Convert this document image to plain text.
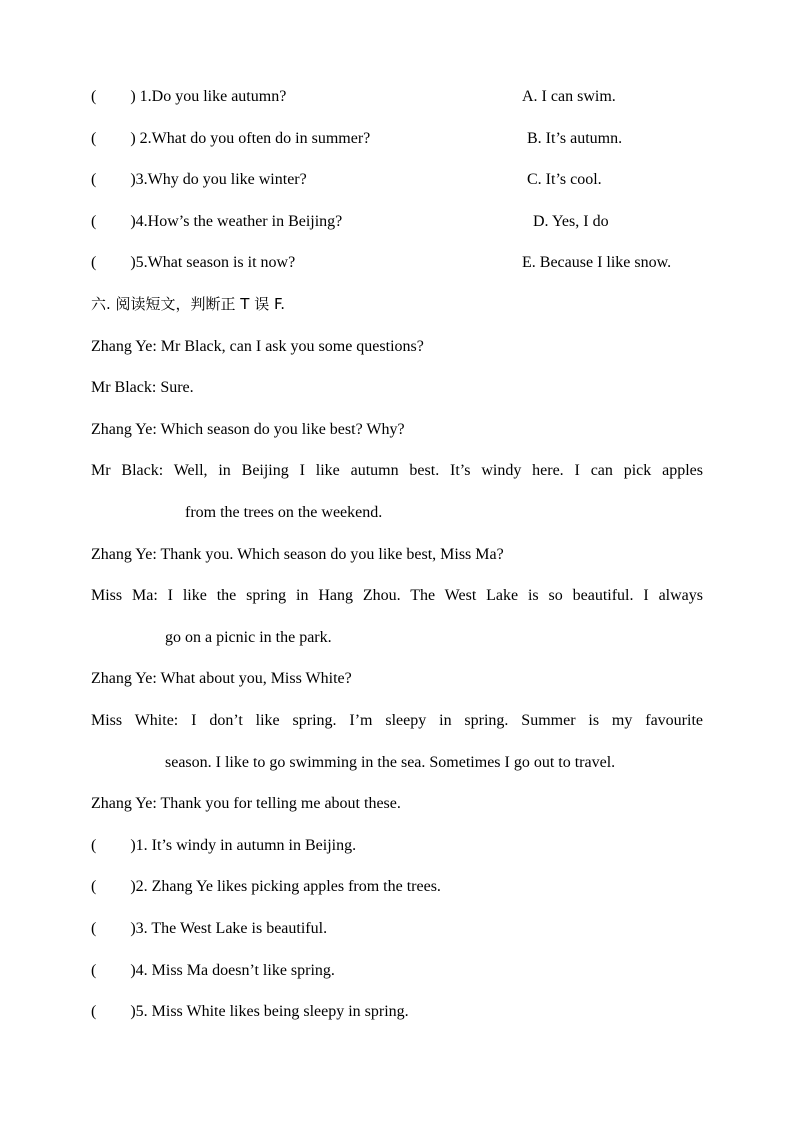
( ) 1.Do you like autumn?	A. I can swim.
( ) 2.What do you often do in summer?	B. It’s autumn.
( )3.Why do you like winter?	C. It’s cool.
( )4.How’s the weather in Beijing?	D. Yes, I do
( )5.What season is it now?	E. Because I like snow.
六. 阅读短文，判断正 T 误 F.
Zhang Ye: Mr Black, can I ask you some questions?
Mr Black: Sure.
Zhang Ye: Which season do you like best? Why?
Mr Black: Well, in Beijing I like autumn best. It’s windy here. I can pick apples
from the trees on the weekend.
Zhang Ye: Thank you. Which season do you like best, Miss Ma?
Miss Ma: I like the spring in Hang Zhou. The West Lake is so beautiful. I always
go on a picnic in the park.
Zhang Ye: What about you, Miss White?
Miss White: I don’t like spring. I’m sleepy in spring. Summer is my favourite
season. I like to go swimming in the sea. Sometimes I go out to travel.
Zhang Ye: Thank you for telling me about these.
( )1. It’s windy in autumn in Beijing.
( )2. Zhang Ye likes picking apples from the trees.
( )3. The West Lake is beautiful.
( )4. Miss Ma doesn’t like spring.
( )5. Miss White likes being sleepy in spring.
